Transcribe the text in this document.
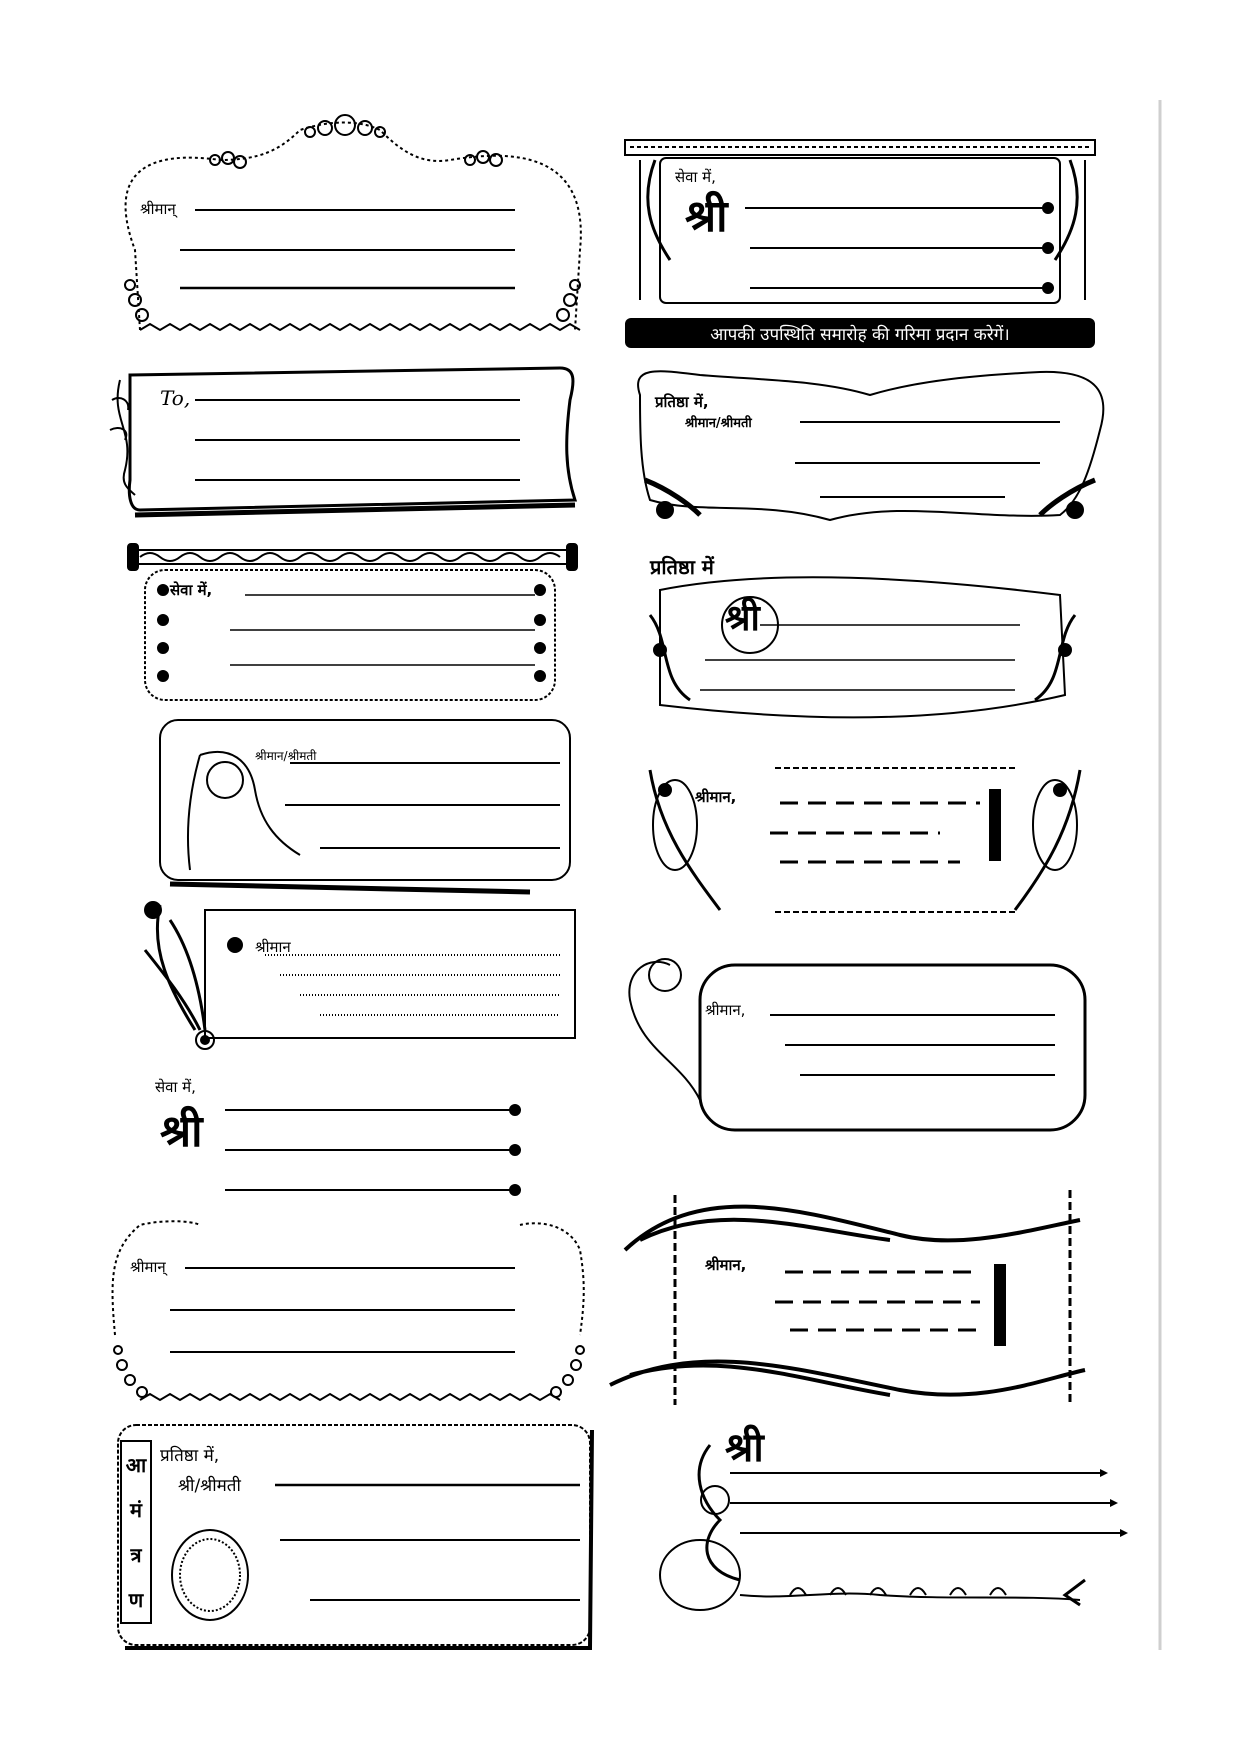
श्रीमान्
To,
सेवा में,
श्रीमान/श्रीमती
श्रीमान
सेवा में,
श्री
श्रीमान्
प्रतिष्ठा में,
श्री/श्रीमती
आ
मं
त्र
ण
सेवा में,
श्री
आपकी उपस्थिति समारोह की गरिमा प्रदान करेगें।
प्रतिष्ठा में,
श्रीमान/श्रीमती
प्रतिष्ठा में
श्री
श्रीमान,
श्रीमान,
श्रीमान,
श्री
